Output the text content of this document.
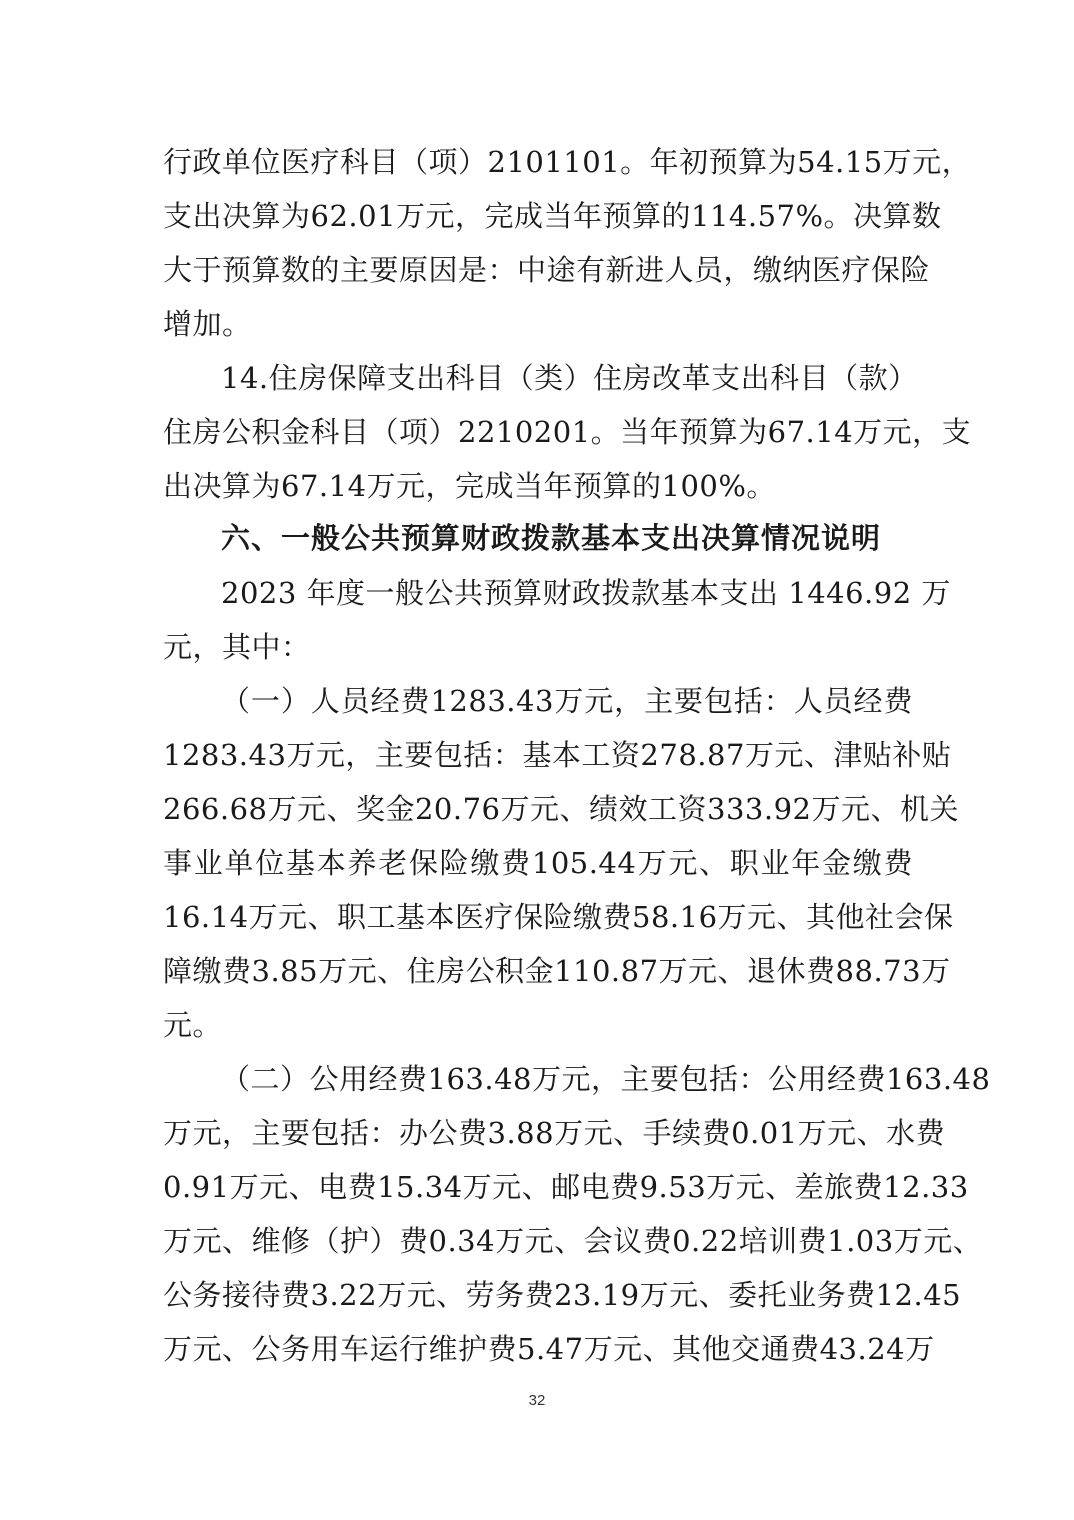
行政单位医疗科目（项）2101101。年初预算为54.15万元，
支出决算为62.01万元，完成当年预算的114.57%。决算数
大于预算数的主要原因是：中途有新进人员，缴纳医疗保险
增加。
14.住房保障支出科目（类）住房改革支出科目（款）
住房公积金科目（项）2210201。当年预算为67.14万元，支
出决算为67.14万元，完成当年预算的100%。
六、一般公共预算财政拨款基本支出决算情况说明
2023 年度一般公共预算财政拨款基本支出 1446.92 万
元，其中：
（一）人员经费1283.43万元，主要包括：人员经费
1283.43万元，主要包括：基本工资278.87万元、津贴补贴
266.68万元、奖金20.76万元、绩效工资333.92万元、机关
事业单位基本养老保险缴费105.44万元、职业年金缴费
16.14万元、职工基本医疗保险缴费58.16万元、其他社会保
障缴费3.85万元、住房公积金110.87万元、退休费88.73万
元。
（二）公用经费163.48万元，主要包括：公用经费163.48
万元，主要包括：办公费3.88万元、手续费0.01万元、水费
0.91万元、电费15.34万元、邮电费9.53万元、差旅费12.33
万元、维修（护）费0.34万元、会议费0.22培训费1.03万元、
公务接待费3.22万元、劳务费23.19万元、委托业务费12.45
万元、公务用车运行维护费5.47万元、其他交通费43.24万
32
